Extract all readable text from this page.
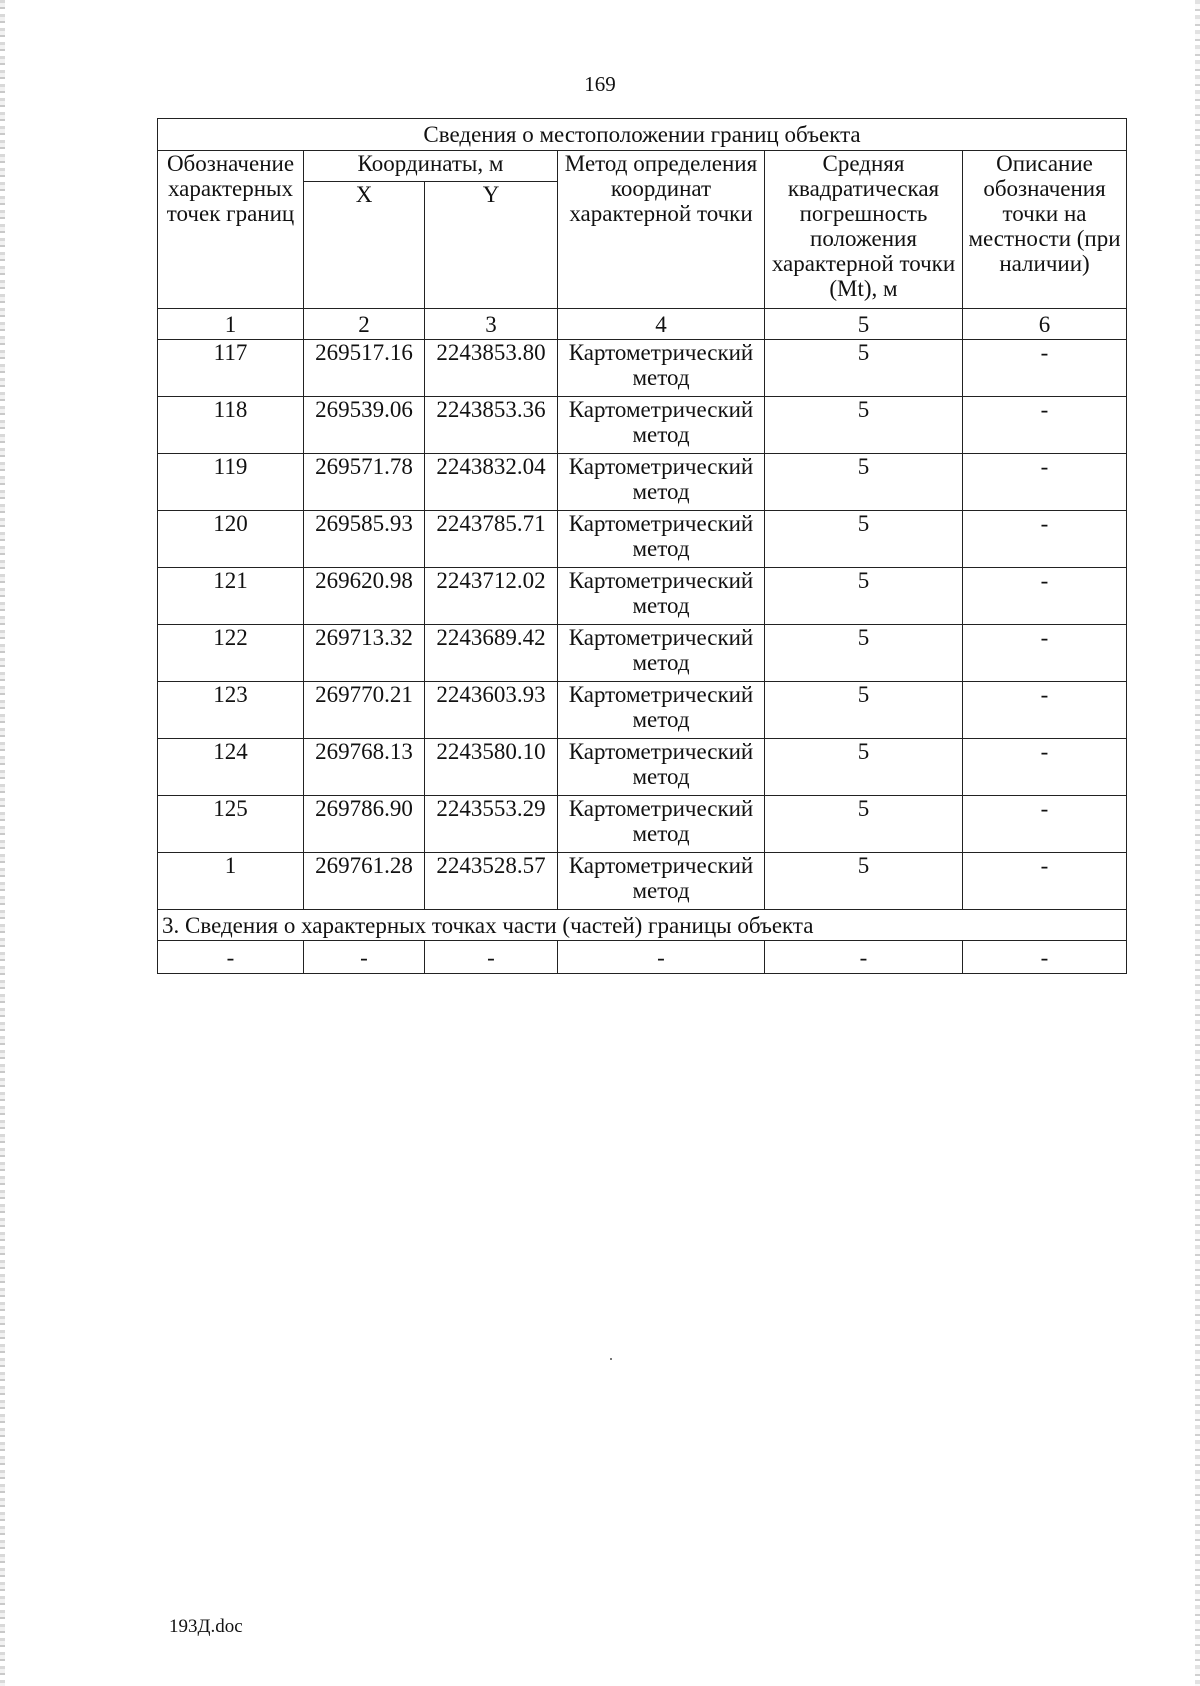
169
Сведения о местоположении границ объекта					
Обозначение характерных точек границ	Координаты, м		Метод определения координат характерной точки	Средняя квадратическая погрешность положения характерной точки (Mt), м	Описание обозначения точки на местности (при наличии)
	X	Y			
1	2	3	4	5	6
117	269517.16	2243853.80	Картометрический метод	5	-
118	269539.06	2243853.36	Картометрический метод	5	-
119	269571.78	2243832.04	Картометрический метод	5	-
120	269585.93	2243785.71	Картометрический метод	5	-
121	269620.98	2243712.02	Картометрический метод	5	-
122	269713.32	2243689.42	Картометрический метод	5	-
123	269770.21	2243603.93	Картометрический метод	5	-
124	269768.13	2243580.10	Картометрический метод	5	-
125	269786.90	2243553.29	Картометрический метод	5	-
1	269761.28	2243528.57	Картометрический метод	5	-
3. Сведения о характерных точках части (частей) границы объекта					
-	-	-	-	-	-
193Д.doc
